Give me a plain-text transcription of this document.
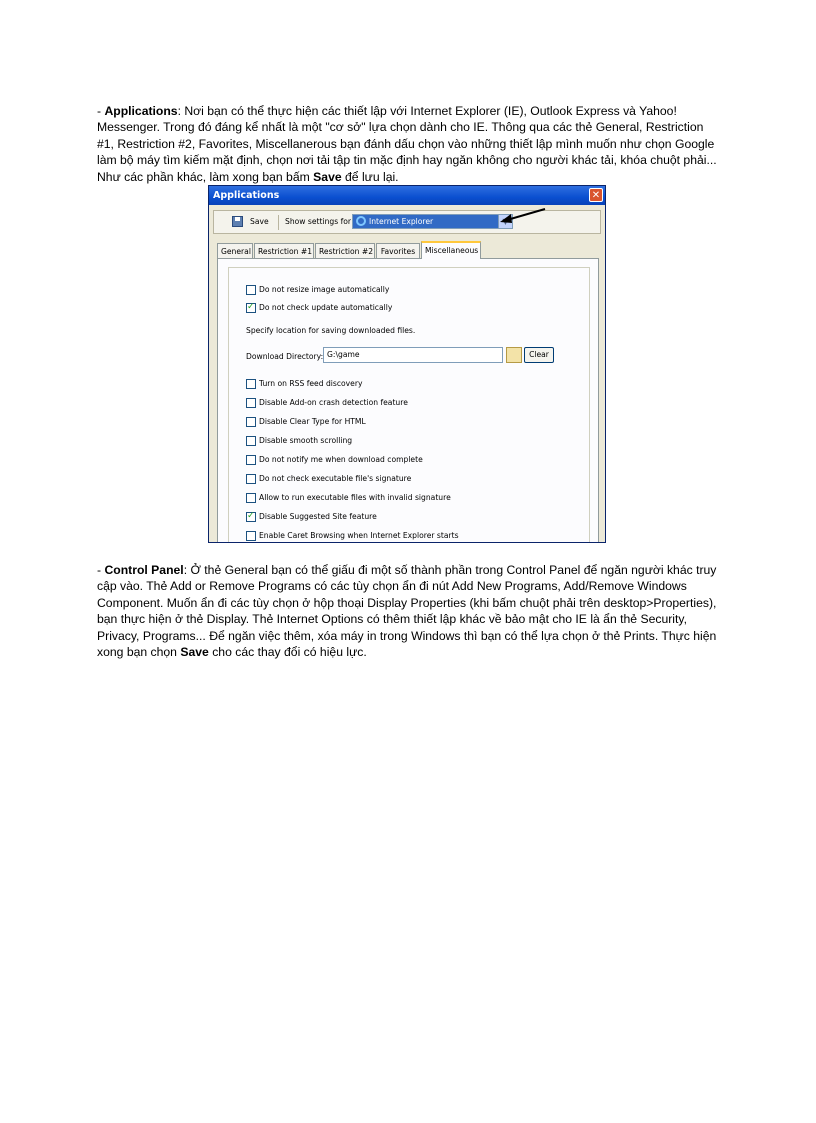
- Applications: Nơi bạn có thể thực hiện các thiết lập với Internet Explorer (IE), Outlook Express và Yahoo! Messenger. Trong đó đáng kể nhất là một "cơ sở" lựa chọn dành cho IE. Thông qua các thẻ General, Restriction #1, Restriction #2, Favorites, Miscellanerous bạn đánh dấu chọn vào những thiết lập mình muốn như chọn Google làm bộ máy tìm kiếm mặt định, chọn nơi tải tập tin mặc định hay ngăn không cho người khác tải, khóa chuột phải... Như các phần khác, làm xong bạn bấm Save để lưu lại.
Applications	✕
Save Show settings for	Internet Explorer
General Restriction #1 Restriction #2	Favorites	Miscellaneous
Do not resize image automatically
✓
Do not check update automatically
Specify location for saving downloaded files.
Download Directory: G:\game	Clear
Turn on RSS feed discovery
Disable Add-on crash detection feature
Disable Clear Type for HTML
Disable smooth scrolling
Do not notify me when download complete
Do not check executable file's signature
Allow to run executable files with invalid signature
✓
Disable Suggested Site feature
Enable Caret Browsing when Internet Explorer starts
- Control Panel: Ở thẻ General bạn có thể giấu đi một số thành phần trong Control Panel để ngăn người khác truy cập vào. Thẻ Add or Remove Programs có các tùy chọn ẩn đi nút Add New Programs, Add/Remove Windows Component. Muốn ẩn đi các tùy chọn ở hộp thoại Display Properties (khi bấm chuột phải trên desktop>Properties), bạn thực hiện ở thẻ Display. Thẻ Internet Options có thêm thiết lập khác về bảo mật cho IE là ẩn thẻ Security, Privacy, Programs... Để ngăn việc thêm, xóa máy in trong Windows thì bạn có thể lựa chọn ở thẻ Prints. Thực hiện xong bạn chọn Save cho các thay đổi có hiệu lực.
